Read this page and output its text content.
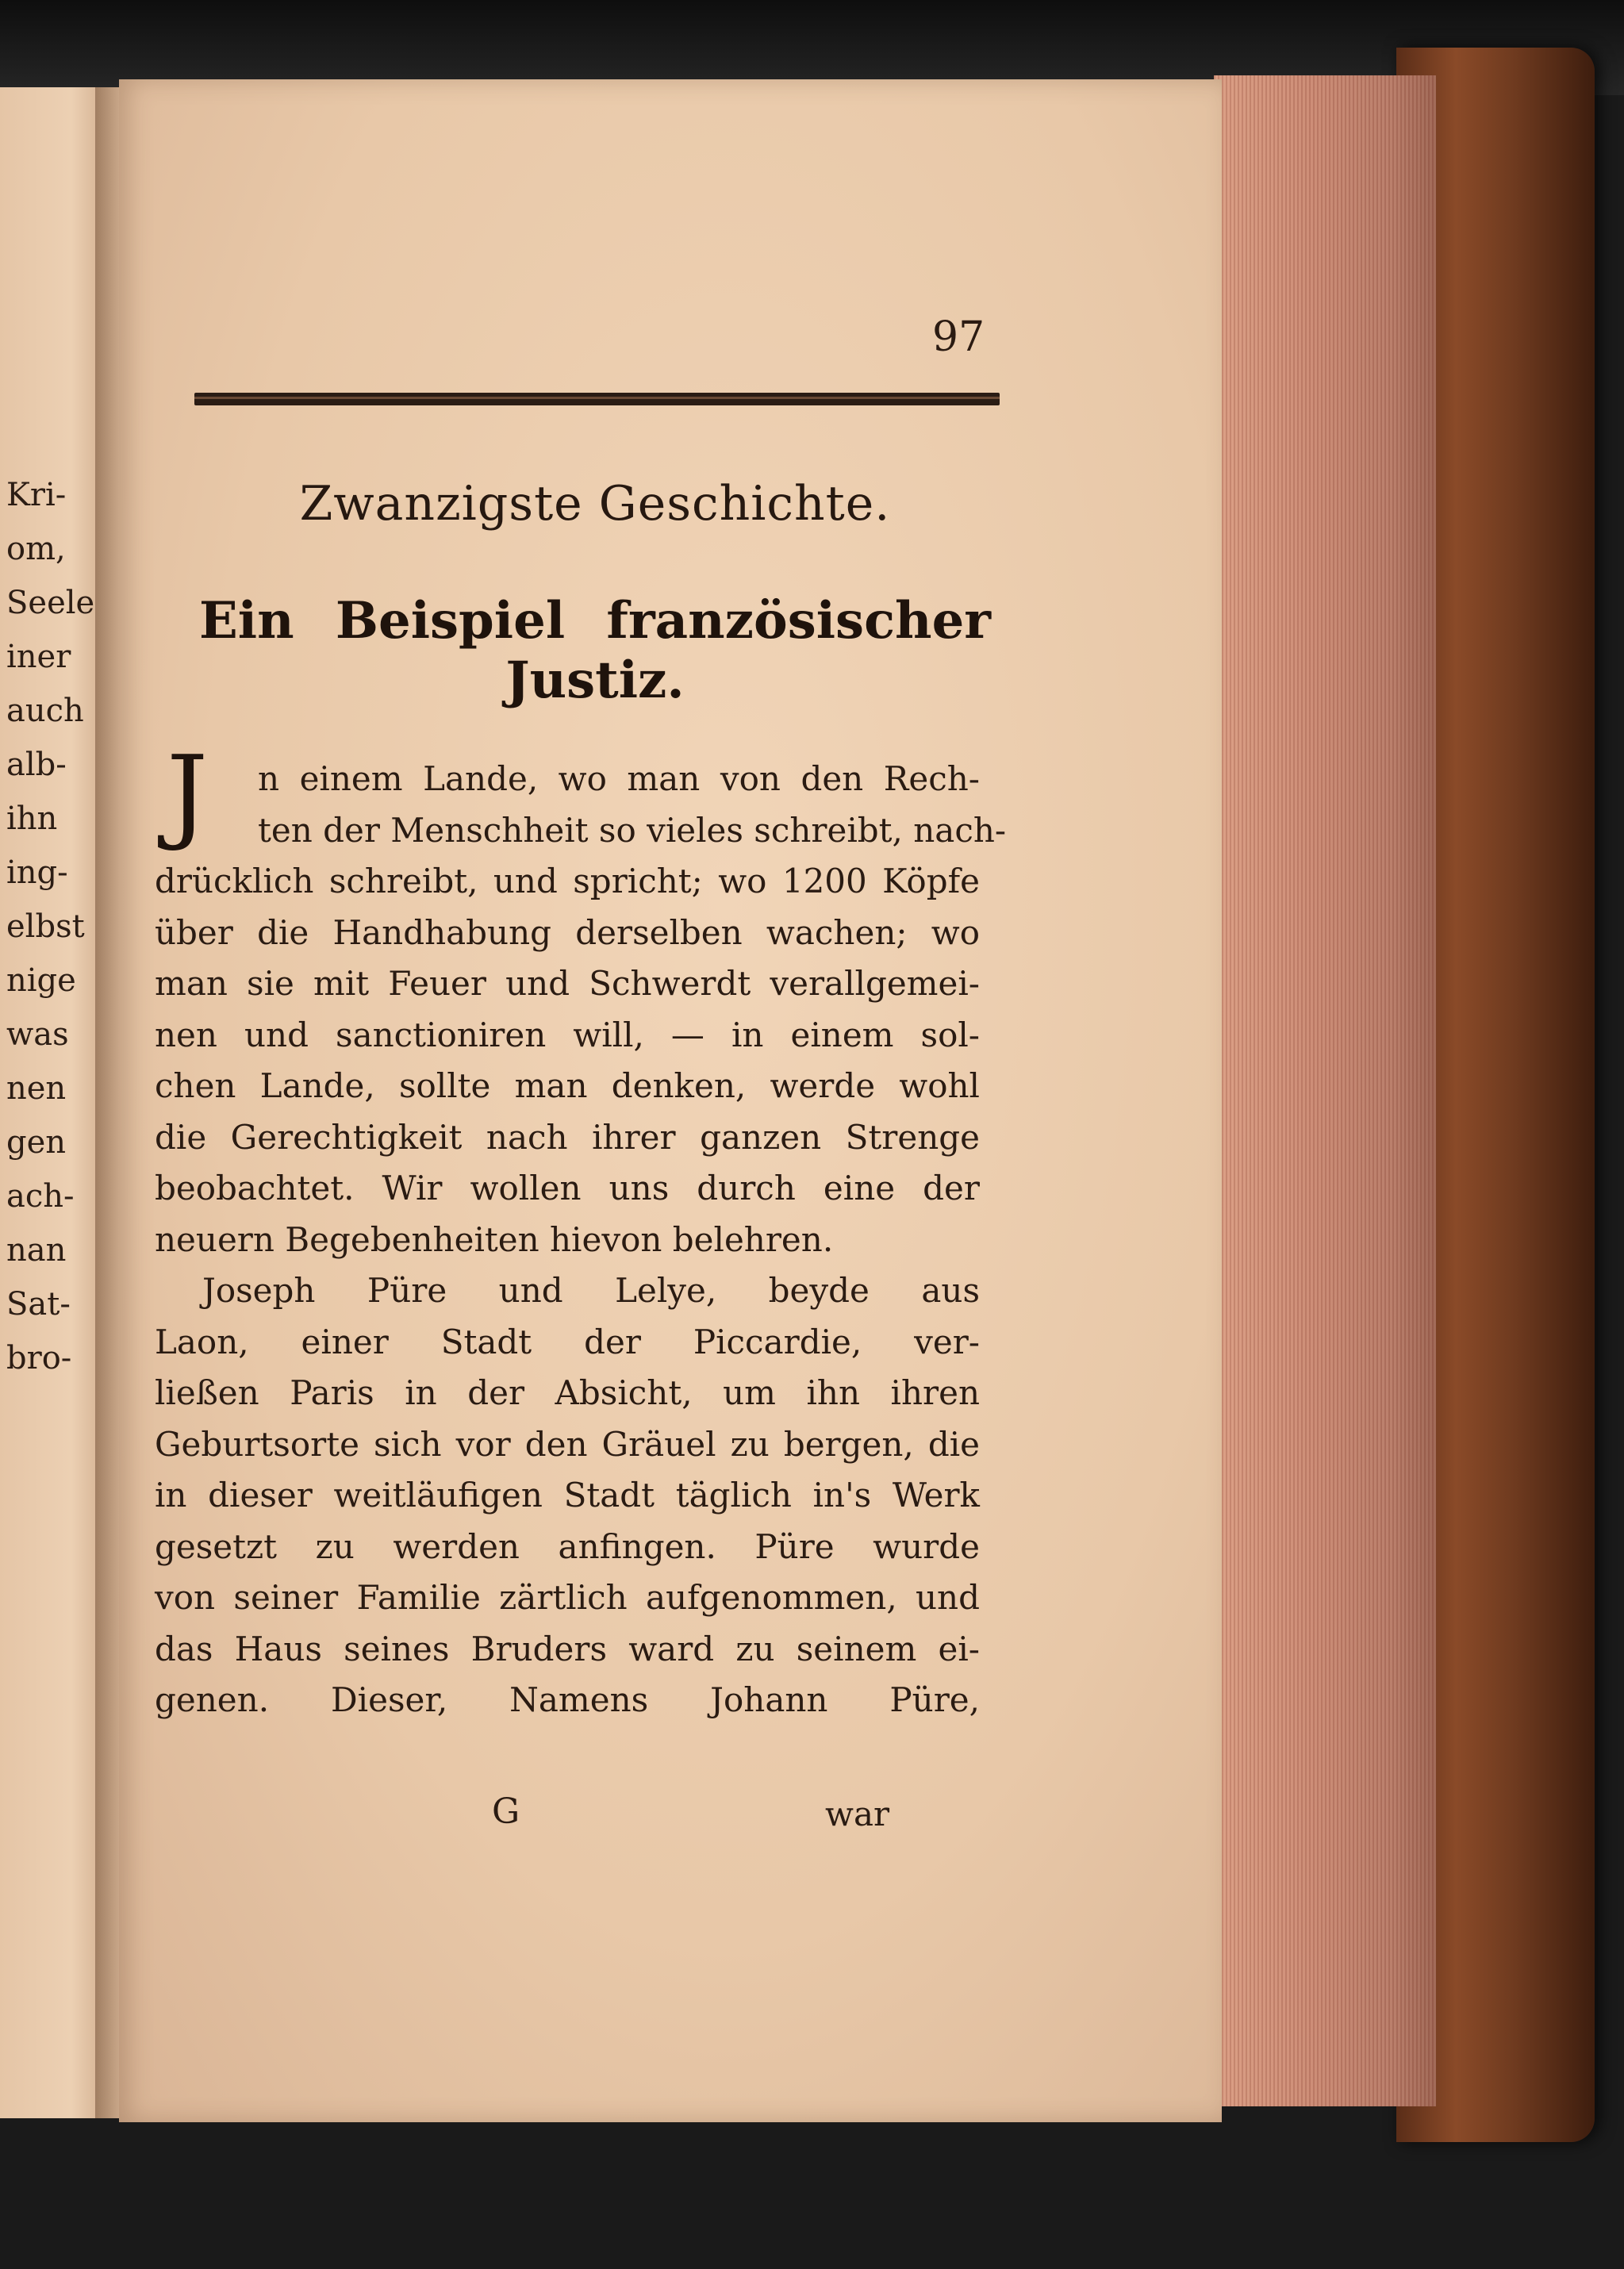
Kri-
om,
Seele
iner
auch
alb-
ihn
ing-
elbst
nige
was
nen
gen
ach-
nan
Sat-
bro-
97
Zwanzigste Geschichte.
Ein Beispiel französischer Justiz.
J	n einem Lande, wo man von den Rech-
ten der Menschheit so vieles schreibt, nach-
drücklich schreibt, und spricht; wo 1200 Köpfe
über die Handhabung derselben wachen; wo
man sie mit Feuer und Schwerdt verallgemei-
nen und sanctioniren will, — in einem sol-
chen Lande, sollte man denken, werde wohl
die Gerechtigkeit nach ihrer ganzen Strenge
beobachtet. Wir wollen uns durch eine der
neuern Begebenheiten hievon belehren.
Joseph Püre und Lelye, beyde aus
Laon, einer Stadt der Piccardie, ver-
ließen Paris in der Absicht, um ihn ihren
Geburtsorte sich vor den Gräuel zu bergen, die
in dieser weitläufigen Stadt täglich in's Werk
gesetzt zu werden anfingen. Püre wurde
von seiner Familie zärtlich aufgenommen, und
das Haus seines Bruders ward zu seinem ei-
genen. Dieser, Namens Johann Püre,
G	war
